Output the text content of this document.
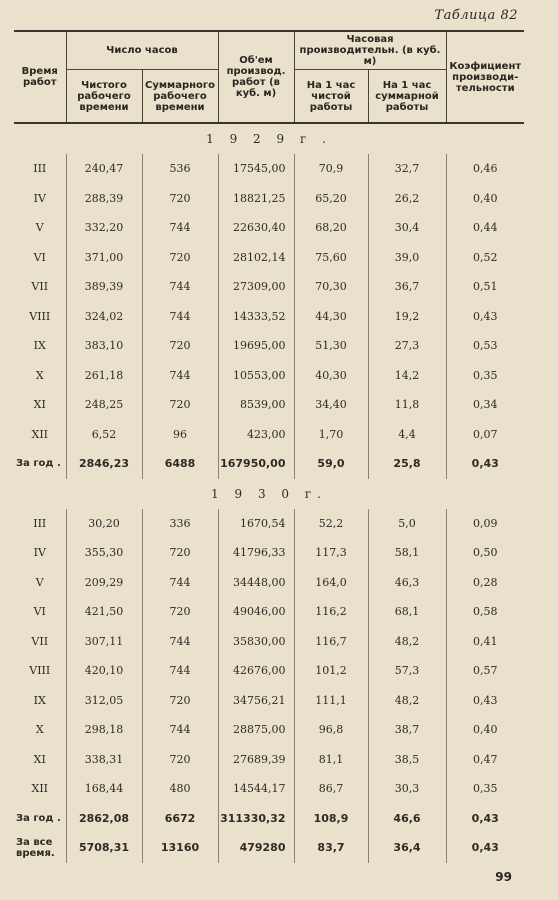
Таблица 82
Время работ	Число часов		Об'ем производ. работ (в куб. м)	Часовая производительн. (в куб. м)		Коэфициент производи-тельности
	Чистого рабочего времени	Суммарного рабочего времени		На 1 час чистой работы	На 1 час суммарной работы	
1 9 2 9 г .						
III	240,47	536	17545,00	70,9	32,7	0,46
IV	288,39	720	18821,25	65,20	26,2	0,40
V	332,20	744	22630,40	68,20	30,4	0,44
VI	371,00	720	28102,14	75,60	39,0	0,52
VII	389,39	744	27309,00	70,30	36,7	0,51
VIII	324,02	744	14333,52	44,30	19,2	0,43
IX	383,10	720	19695,00	51,30	27,3	0,53
X	261,18	744	10553,00	40,30	14,2	0,35
XI	248,25	720	8539,00	34,40	11,8	0,34
XII	6,52	96	423,00	1,70	4,4	0,07
За год .	2846,23	6488	167950,00	59,0	25,8	0,43
1 9 3 0 г.						
III	30,20	336	1670,54	52,2	5,0	0,09
IV	355,30	720	41796,33	117,3	58,1	0,50
V	209,29	744	34448,00	164,0	46,3	0,28
VI	421,50	720	49046,00	116,2	68,1	0,58
VII	307,11	744	35830,00	116,7	48,2	0,41
VIII	420,10	744	42676,00	101,2	57,3	0,57
IX	312,05	720	34756,21	111,1	48,2	0,43
X	298,18	744	28875,00	96,8	38,7	0,40
XI	338,31	720	27689,39	81,1	38,5	0,47
XII	168,44	480	14544,17	86,7	30,3	0,35
За год .	2862,08	6672	311330,32	108,9	46,6	0,43
За все время.	5708,31	13160	479280	83,7	36,4	0,43
99
